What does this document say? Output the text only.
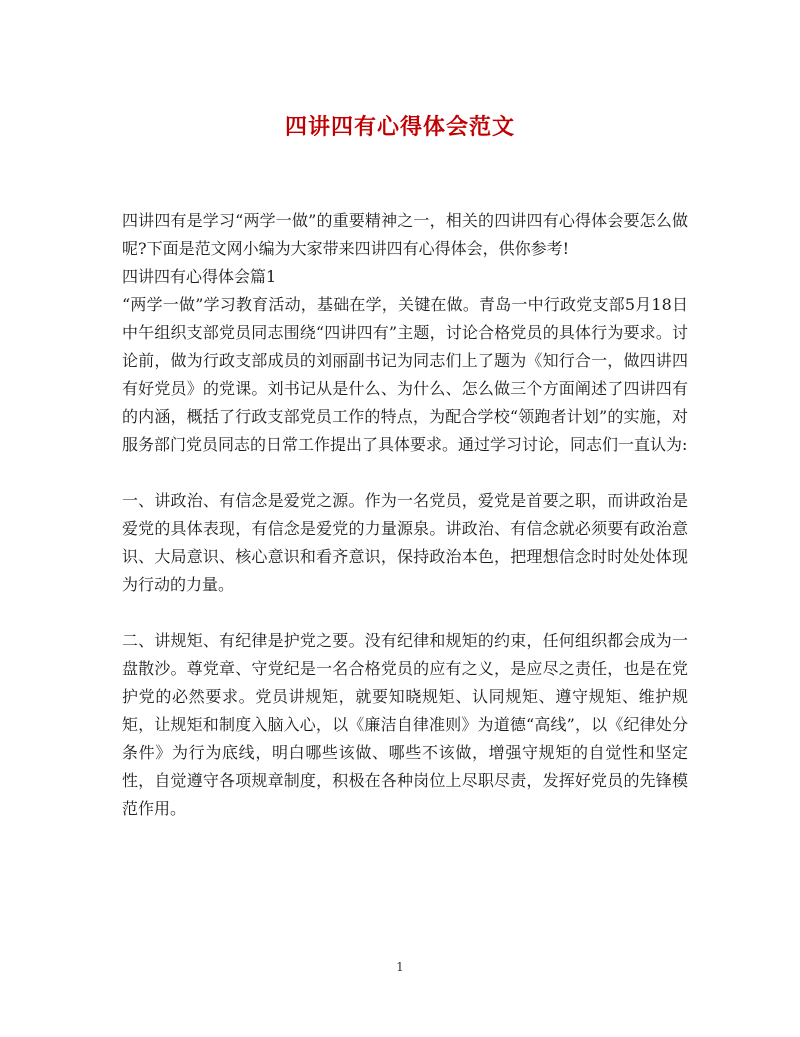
四讲四有心得体会范文

四讲四有是学习“两学一做”的重要精神之一，相关的四讲四有心得体会要怎么做呢?下面是范文网小编为大家带来四讲四有心得体会，供你参考!

四讲四有心得体会篇1

“两学一做”学习教育活动，基础在学，关键在做。青岛一中行政党支部5月18日中午组织支部党员同志围绕“四讲四有”主题，讨论合格党员的具体行为要求。讨论前，做为行政支部成员的刘丽副书记为同志们上了题为《知行合一，做四讲四有好党员》的党课。刘书记从是什么、为什么、怎么做三个方面阐述了四讲四有的内涵，概括了行政支部党员工作的特点，为配合学校“领跑者计划”的实施，对服务部门党员同志的日常工作提出了具体要求。通过学习讨论，同志们一直认为:

一、讲政治、有信念是爱党之源。作为一名党员，爱党是首要之职，而讲政治是爱党的具体表现，有信念是爱党的力量源泉。讲政治、有信念就必须要有政治意识、大局意识、核心意识和看齐意识，保持政治本色，把理想信念时时处处体现为行动的力量。

二、讲规矩、有纪律是护党之要。没有纪律和规矩的约束，任何组织都会成为一盘散沙。尊党章、守党纪是一名合格党员的应有之义，是应尽之责任，也是在党护党的必然要求。党员讲规矩，就要知晓规矩、认同规矩、遵守规矩、维护规矩，让规矩和制度入脑入心，以《廉洁自律准则》为道德“高线”，以《纪律处分条件》为行为底线，明白哪些该做、哪些不该做，增强守规矩的自觉性和坚定性，自觉遵守各项规章制度，积极在各种岗位上尽职尽责，发挥好党员的先锋模范作用。

1
